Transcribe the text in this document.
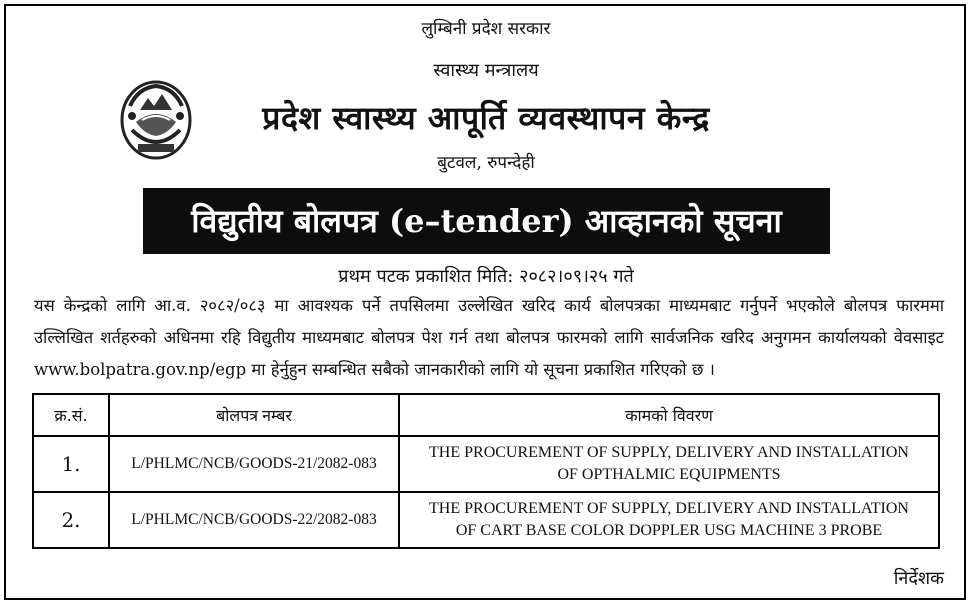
लुम्बिनी प्रदेश सरकार
स्वास्थ्य मन्त्रालय
प्रदेश स्वास्थ्य आपूर्ति व्यवस्थापन केन्द्र
बुटवल, रुपन्देही
विद्युतीय बोलपत्र (e–tender) आव्हानको सूचना
प्रथम पटक प्रकाशित मिति: २०८२।०९।२५ गते
यस केन्द्रको लागि आ.व. २०८२/०८३ मा आवश्यक पर्ने तपसिलमा उल्लेखित खरिद कार्य बोलपत्रका माध्यमबाट गर्नुपर्ने भएकोले बोलपत्र फारममा उल्लिखित शर्तहरुको अधिनमा रहि विद्युतीय माध्यमबाट बोलपत्र पेश गर्न तथा बोलपत्र फारमको लागि सार्वजनिक खरिद अनुगमन कार्यालयको वेवसाइट www.bolpatra.gov.np/egp मा हेर्नुहुन सम्बन्धित सबैको जानकारीको लागि यो सूचना प्रकाशित गरिएको छ ।
क्र.सं.	बोलपत्र नम्बर	कामको विवरण
1.	L/PHLMC/NCB/GOODS-21/2082-083	THE PROCUREMENT OF SUPPLY, DELIVERY AND INSTALLATION
OF OPTHALMIC EQUIPMENTS

2.	L/PHLMC/NCB/GOODS-22/2082-083	THE PROCUREMENT OF SUPPLY, DELIVERY AND INSTALLATION
OF CART BASE COLOR DOPPLER USG MACHINE 3 PROBE
निर्देशक
